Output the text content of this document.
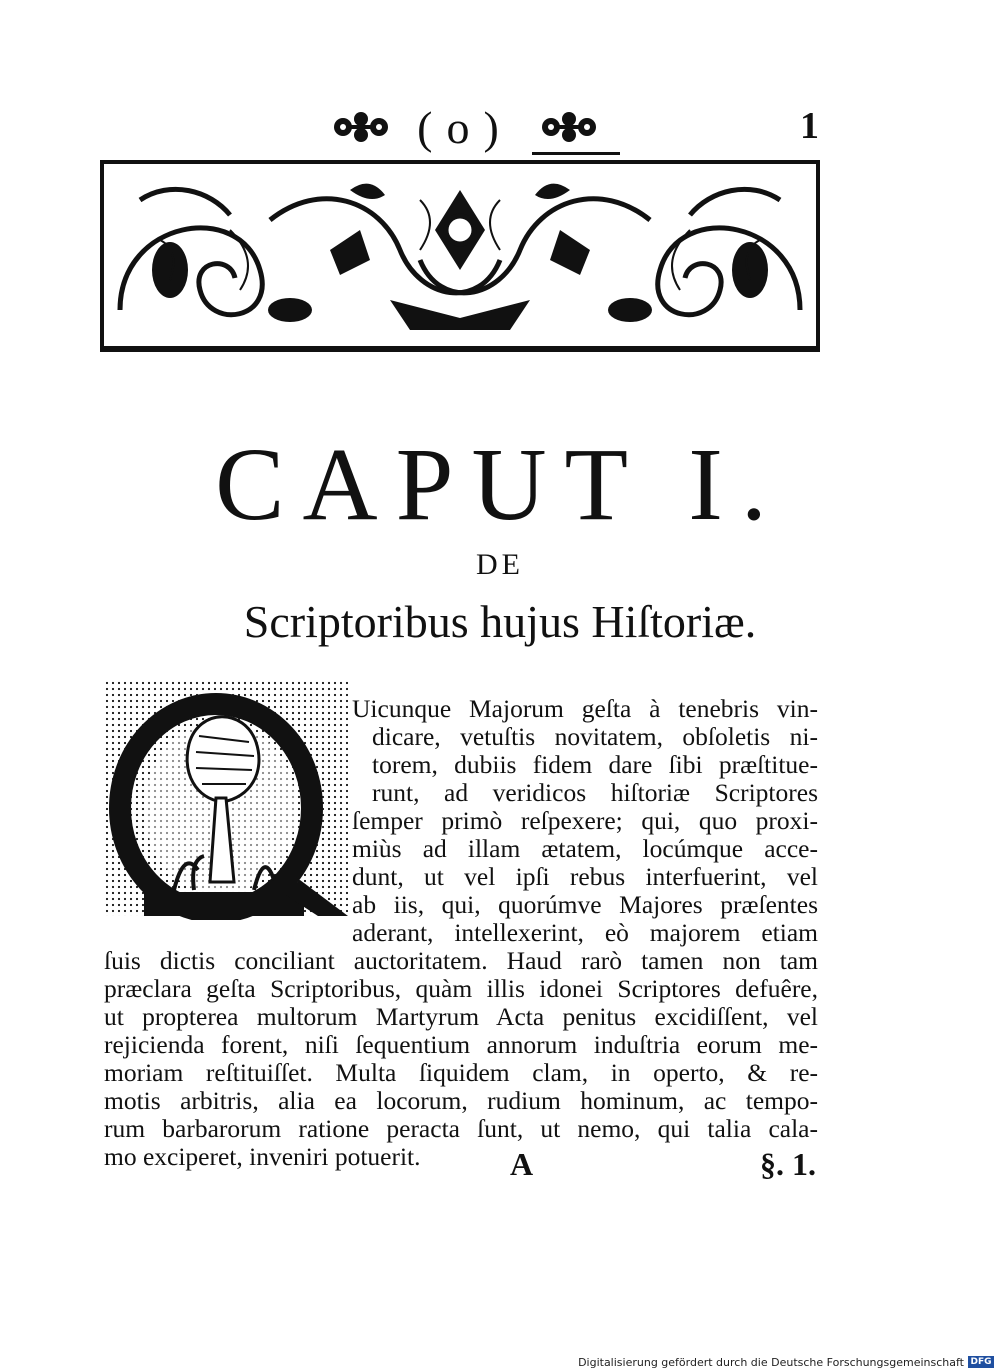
(o)	1
CAPUT I.
DE
Scriptoribus hujus Hiſtoriæ.
Uicunque Majorum geſta à tenebris vin-
dicare, vetuſtis novitatem, obſoletis ni-
torem, dubiis fidem dare ſibi præſtitue-
runt, ad veridicos hiſtoriæ Scriptores
ſemper primò reſpexere; qui, quo proxi-
miùs ad illam ætatem, locúmque acce-
dunt, ut vel ipſi rebus interfuerint, vel
ab iis, qui, quorúmve Majores præſentes
aderant, intellexerint, eò majorem etiam
ſuis dictis conciliant auctoritatem. Haud rarò tamen non tam
præclara geſta Scriptoribus, quàm illis idonei Scriptores defuêre,
ut propterea multorum Martyrum Acta penitus excidiſſent, vel
rejicienda forent, niſi ſequentium annorum induſtria eorum me-
moriam reſtituiſſet. Multa ſiquidem clam, in operto, & re-
motis arbitris, alia ea locorum, rudium hominum, ac tempo-
rum barbarorum ratione peracta ſunt, ut nemo, qui talia cala-
mo exciperet, inveniri potuerit.	A	§. 1.
Digitalisierung gefördert durch die Deutsche Forschungsgemeinschaft DFG
